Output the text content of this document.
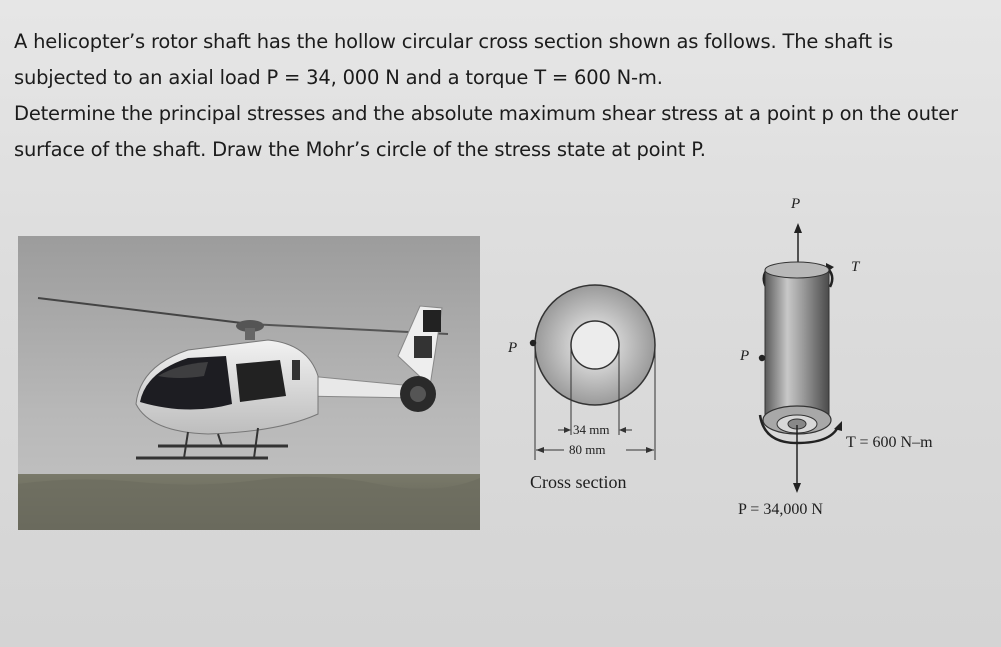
A helicopter’s rotor shaft has the hollow circular cross section shown as follows. The shaft is subjected to an axial load P = 34, 000 N and a torque T = 600 N-m.

Determine the principal stresses and the absolute maximum shear stress at a point p on the outer surface of the shaft. Draw the Mohr’s circle of the stress state at point P.

P
34 mm
80 mm
Cross section
P
T
P
T = 600 N–m
P = 34,000 N
